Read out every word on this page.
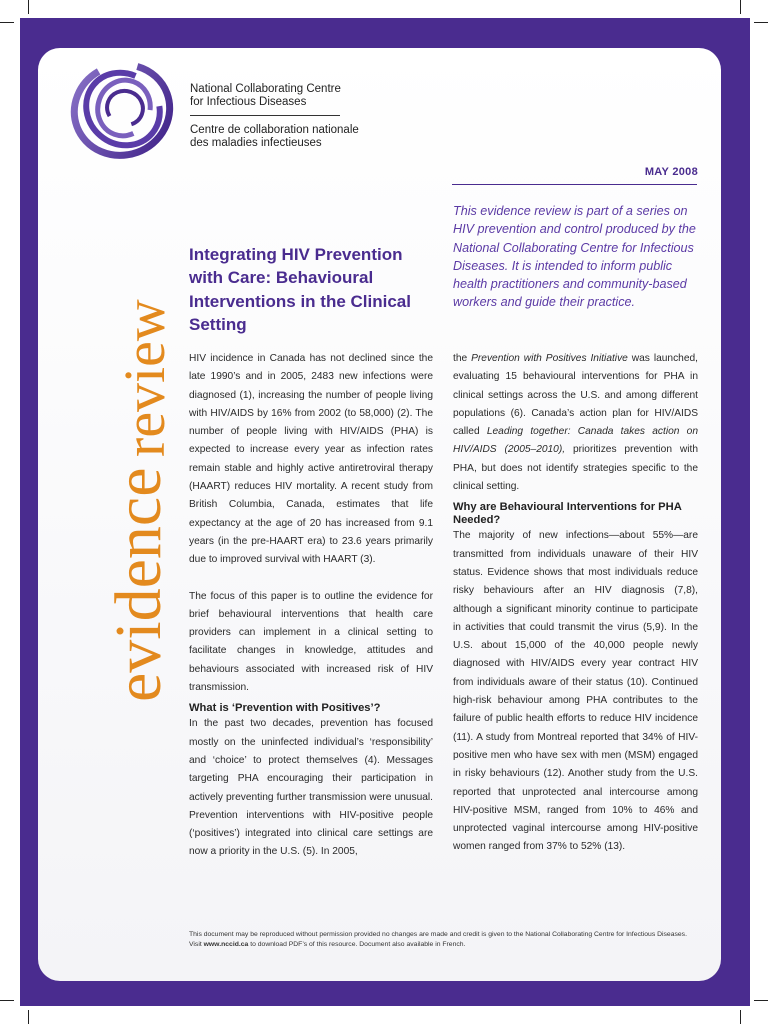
National Collaborating Centre
for Infectious Diseases

Centre de collaboration nationale
des maladies infectieuses

MAY 2008
evidence
review

This evidence review is part of a series on HIV prevention and control produced by the National Collaborating Centre for Infectious Diseases. It is intended to inform public health practitioners and community-based workers and guide their practice.

Integrating HIV Prevention with Care: Behavioural Interventions in the Clinical Setting

HIV incidence in Canada has not declined since the late 1990’s and in 2005, 2483 new infections were diagnosed (1), increasing the number of people living with HIV/AIDS by 16% from 2002 (to 58,000) (2). The number of people living with HIV/AIDS (PHA) is expected to increase every year as infection rates remain stable and highly active antiretroviral therapy (HAART) reduces HIV mortality. A recent study from British Columbia, Canada, estimates that life expectancy at the age of 20 has increased from 9.1 years (in the pre-HAART era) to 23.6 years primarily due to improved survival with HAART (3).

The focus of this paper is to outline the evidence for brief behavioural interventions that health care providers can implement in a clinical setting to facilitate changes in knowledge, attitudes and behaviours associated with increased risk of HIV transmission.

What is ‘Prevention with Positives’?

In the past two decades, prevention has focused mostly on the uninfected individual’s ‘responsibility’ and ‘choice’ to protect themselves (4). Messages targeting PHA encouraging their participation in actively preventing further transmission were unusual. Prevention interventions with HIV-positive people (‘positives’) integrated into clinical care settings are now a priority in the U.S. (5). In 2005,

the Prevention with Positives Initiative was launched, evaluating 15 behavioural interventions for PHA in clinical settings across the U.S. and among different populations (6). Canada’s action plan for HIV/AIDS called Leading together: Canada takes action on HIV/AIDS (2005–2010), prioritizes prevention with PHA, but does not identify strategies specific to the clinical setting.

Why are Behavioural Interventions for PHA Needed?

The majority of new infections—about 55%—are transmitted from individuals unaware of their HIV status. Evidence shows that most individuals reduce risky behaviours after an HIV diagnosis (7,8), although a significant minority continue to participate in activities that could transmit the virus (5,9). In the U.S. about 15,000 of the 40,000 people newly diagnosed with HIV/AIDS every year contract HIV from individuals aware of their status (10). Continued high-risk behaviour among PHA contributes to the failure of public health efforts to reduce HIV incidence (11). A study from Montreal reported that 34% of HIV-positive men who have sex with men (MSM) engaged in risky behaviours (12). Another study from the U.S. reported that unprotected anal intercourse among HIV-positive MSM, ranged from 10% to 46% and unprotected vaginal intercourse among HIV-positive women ranged from 37% to 52% (13).

This document may be reproduced without permission provided no changes are made and credit is given to the National Collaborating Centre for Infectious Diseases. Visit www.nccid.ca to download PDF’s of this resource. Document also available in French.
